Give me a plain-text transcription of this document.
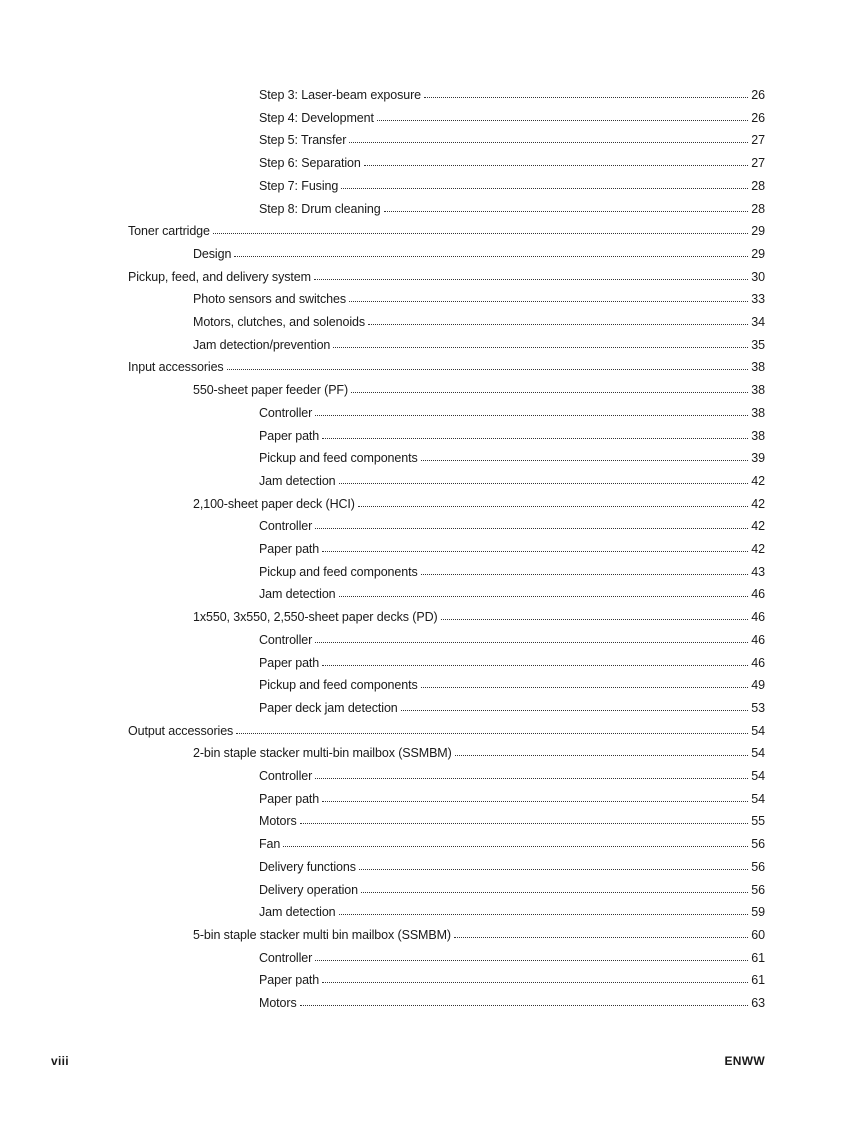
Step 3: Laser-beam exposure	26
Step 4: Development	26
Step 5: Transfer	27
Step 6: Separation	27
Step 7: Fusing	28
Step 8: Drum cleaning	28
Toner cartridge	29
Design	29
Pickup, feed, and delivery system	30
Photo sensors and switches	33
Motors, clutches, and solenoids	34
Jam detection/prevention	35
Input accessories	38
550-sheet paper feeder (PF)	38
Controller	38
Paper path	38
Pickup and feed components	39
Jam detection	42
2,100-sheet paper deck (HCI)	42
Controller	42
Paper path	42
Pickup and feed components	43
Jam detection	46
1x550, 3x550, 2,550-sheet paper decks (PD)	46
Controller	46
Paper path	46
Pickup and feed components	49
Paper deck jam detection	53
Output accessories	54
2-bin staple stacker multi-bin mailbox (SSMBM)	54
Controller	54
Paper path	54
Motors	55
Fan	56
Delivery functions	56
Delivery operation	56
Jam detection	59
5-bin staple stacker multi bin mailbox (SSMBM)	60
Controller	61
Paper path	61
Motors	63
viii	ENWW
